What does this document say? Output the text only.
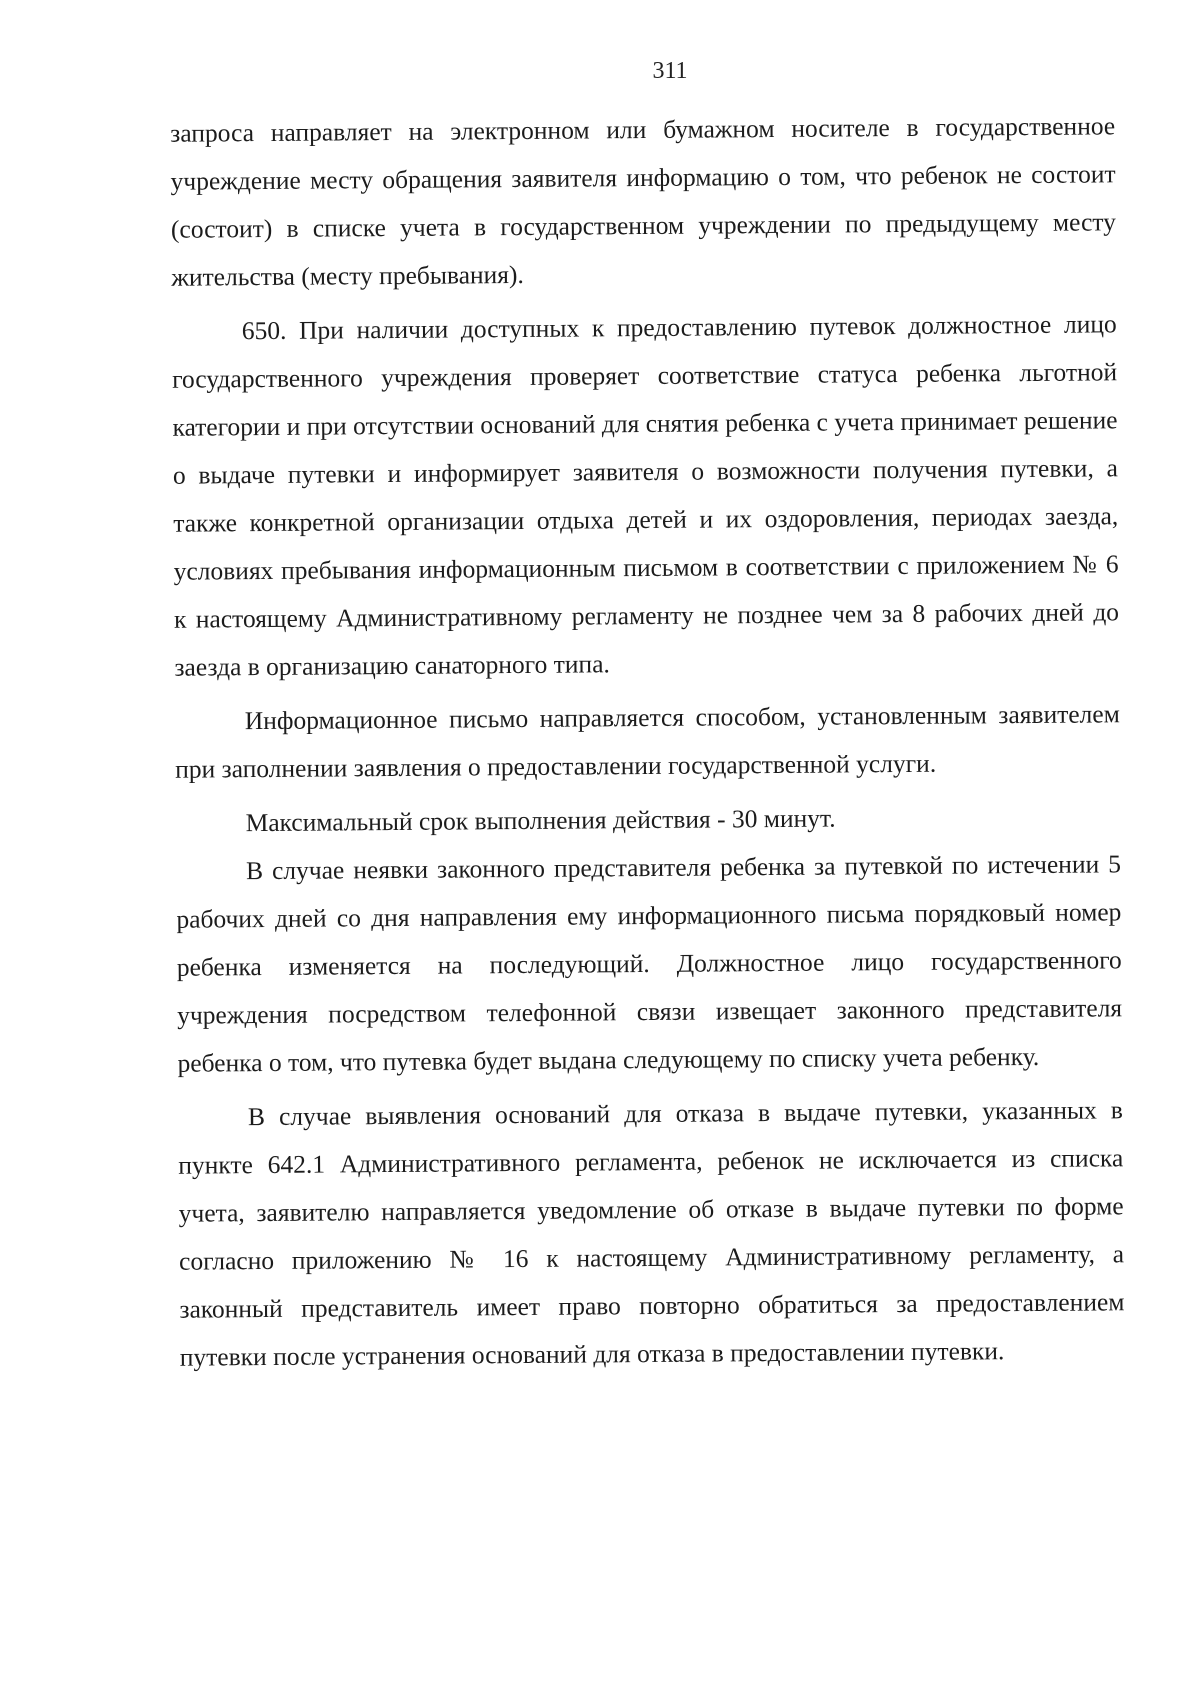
311

запроса направляет на электронном или бумажном носителе в государственное учреждение месту обращения заявителя информацию о том, что ребенок не состоит (состоит) в списке учета в государственном учреждении по предыдущему месту жительства (месту пребывания).

650. При наличии доступных к предоставлению путевок должностное лицо государственного учреждения проверяет соответствие статуса ребенка льготной категории и при отсутствии оснований для снятия ребенка с учета принимает решение о выдаче путевки и информирует заявителя о возможности получения путевки, а также конкретной организации отдыха детей и их оздоровления, периодах заезда, условиях пребывания информационным письмом в соответствии с приложением № 6 к настоящему Административному регламенту не позднее чем за 8 рабочих дней до заезда в организацию санаторного типа.

Информационное письмо направляется способом, установленным заявителем при заполнении заявления о предоставлении государственной услуги.

Максимальный срок выполнения действия - 30 минут.

В случае неявки законного представителя ребенка за путевкой по истечении 5 рабочих дней со дня направления ему информационного письма порядковый номер ребенка изменяется на последующий. Должностное лицо государственного учреждения посредством телефонной связи извещает законного представителя ребенка о том, что путевка будет выдана следующему по списку учета ребенку.

В случае выявления оснований для отказа в выдаче путевки, указанных в пункте 642.1 Административного регламента, ребенок не исключается из списка учета, заявителю направляется уведомление об отказе в выдаче путевки по форме согласно приложению № 16 к настоящему Административному регламенту, а законный представитель имеет право повторно обратиться за предоставлением путевки после устранения оснований для отказа в предоставлении путевки.
